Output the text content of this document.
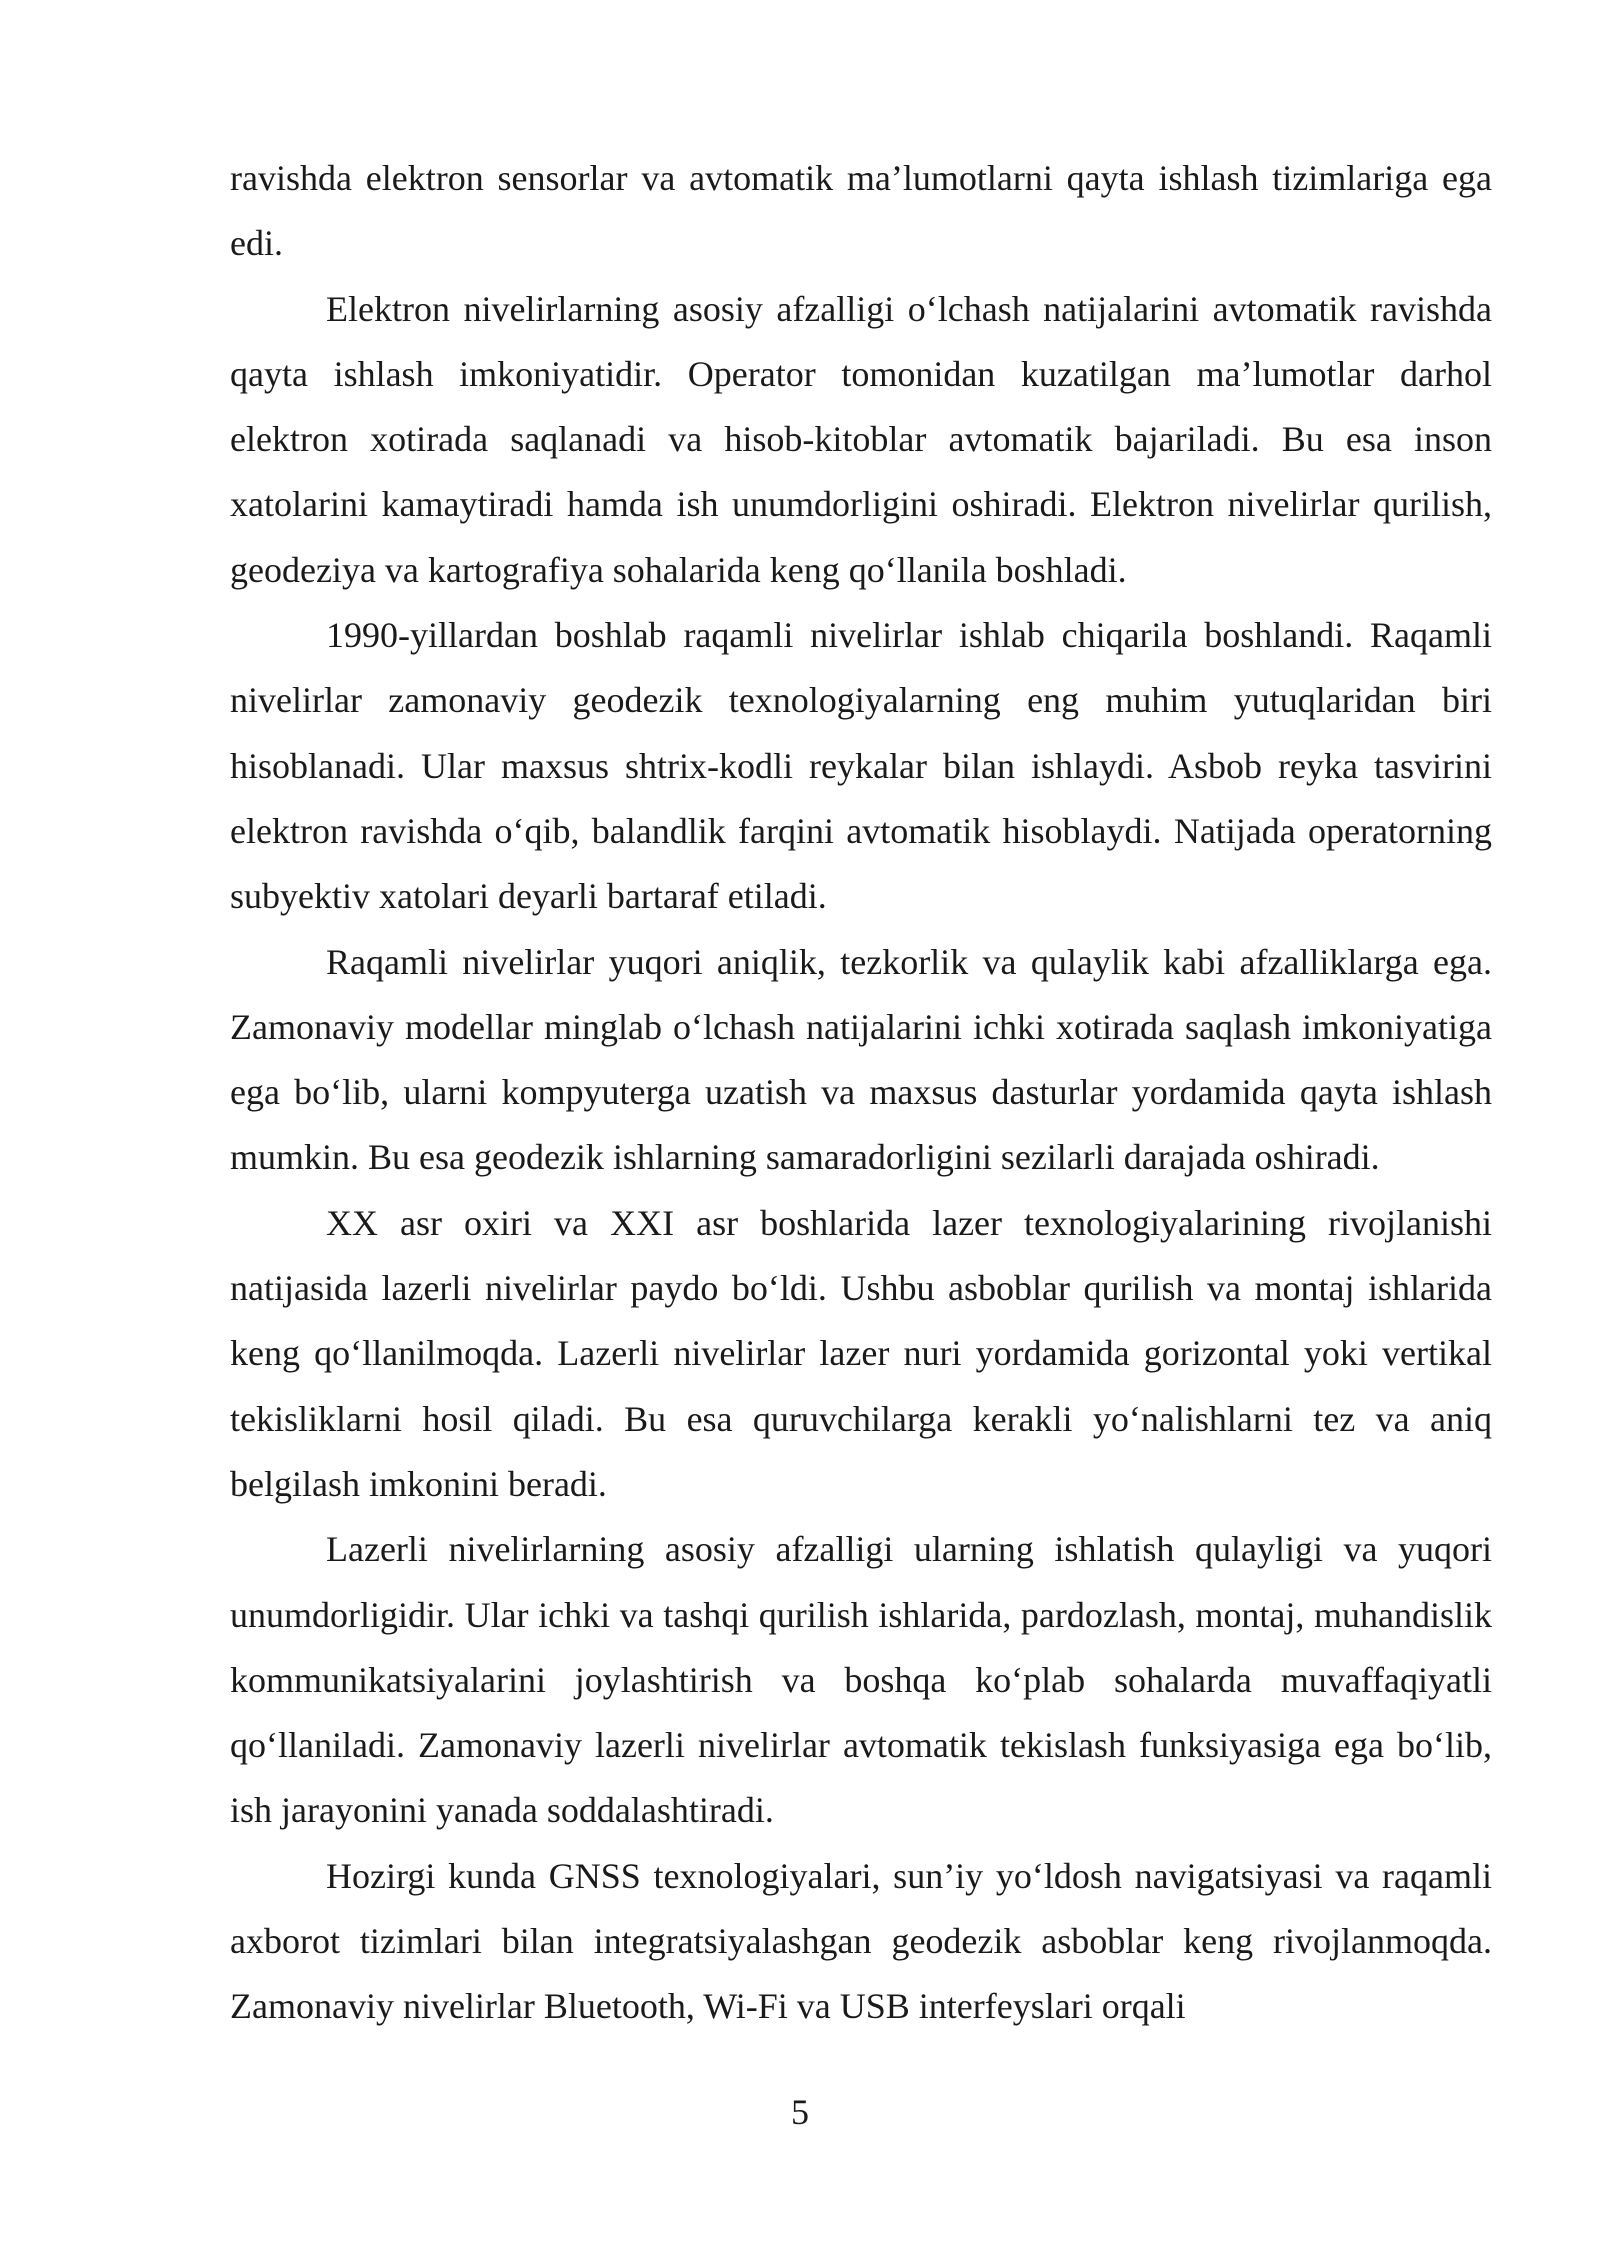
ravishda elektron sensorlar va avtomatik ma’lumotlarni qayta ishlash tizimlariga ega edi.

Elektron nivelirlarning asosiy afzalligi o‘lchash natijalarini avtomatik ravishda qayta ishlash imkoniyatidir. Operator tomonidan kuzatilgan ma’lumotlar darhol elektron xotirada saqlanadi va hisob-kitoblar avtomatik bajariladi. Bu esa inson xatolarini kamaytiradi hamda ish unumdorligini oshiradi. Elektron nivelirlar qurilish, geodeziya va kartografiya sohalarida keng qo‘llanila boshladi.

1990-yillardan boshlab raqamli nivelirlar ishlab chiqarila boshlandi. Raqamli nivelirlar zamonaviy geodezik texnologiyalarning eng muhim yutuqlaridan biri hisoblanadi. Ular maxsus shtrix-kodli reykalar bilan ishlaydi. Asbob reyka tasvirini elektron ravishda o‘qib, balandlik farqini avtomatik hisoblaydi. Natijada operatorning subyektiv xatolari deyarli bartaraf etiladi.

Raqamli nivelirlar yuqori aniqlik, tezkorlik va qulaylik kabi afzalliklarga ega. Zamonaviy modellar minglab o‘lchash natijalarini ichki xotirada saqlash imkoniyatiga ega bo‘lib, ularni kompyuterga uzatish va maxsus dasturlar yordamida qayta ishlash mumkin. Bu esa geodezik ishlarning samaradorligini sezilarli darajada oshiradi.

XX asr oxiri va XXI asr boshlarida lazer texnologiyalarining rivojlanishi natijasida lazerli nivelirlar paydo bo‘ldi. Ushbu asboblar qurilish va montaj ishlarida keng qo‘llanilmoqda. Lazerli nivelirlar lazer nuri yordamida gorizontal yoki vertikal tekisliklarni hosil qiladi. Bu esa quruvchilarga kerakli yo‘nalishlarni tez va aniq belgilash imkonini beradi.

Lazerli nivelirlarning asosiy afzalligi ularning ishlatish qulayligi va yuqori unumdorligidir. Ular ichki va tashqi qurilish ishlarida, pardozlash, montaj, muhandislik kommunikatsiyalarini joylashtirish va boshqa ko‘plab sohalarda muvaffaqiyatli qo‘llaniladi. Zamonaviy lazerli nivelirlar avtomatik tekislash funksiyasiga ega bo‘lib, ish jarayonini yanada soddalashtiradi.

Hozirgi kunda GNSS texnologiyalari, sun’iy yo‘ldosh navigatsiyasi va raqamli axborot tizimlari bilan integratsiyalashgan geodezik asboblar keng rivojlanmoqda. Zamonaviy nivelirlar Bluetooth, Wi-Fi va USB interfeyslari orqali

5
